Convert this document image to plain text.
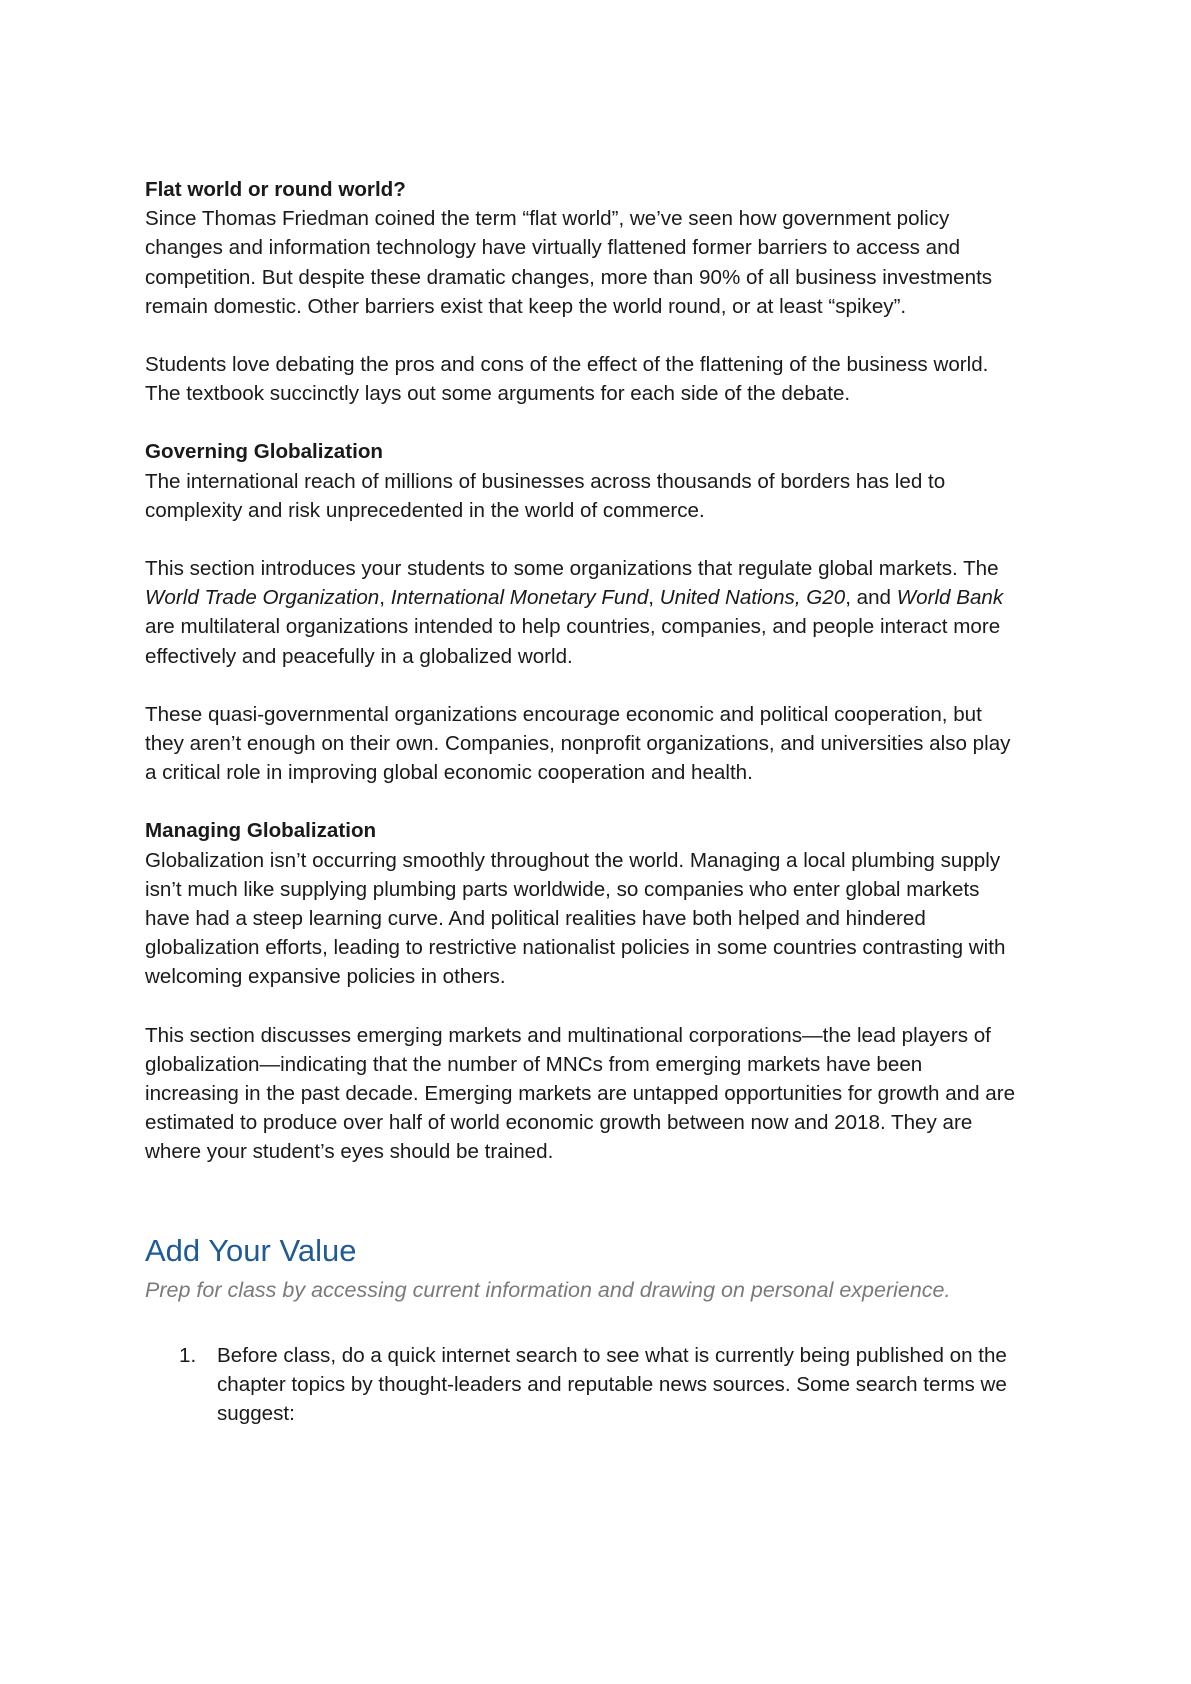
Flat world or round world?

Since Thomas Friedman coined the term “flat world”, we’ve seen how government policy
changes and information technology have virtually flattened former barriers to access and
competition. But despite these dramatic changes, more than 90% of all business investments
remain domestic. Other barriers exist that keep the world round, or at least “spikey”.

Students love debating the pros and cons of the effect of the flattening of the business world.
The textbook succinctly lays out some arguments for each side of the debate.

Governing Globalization

The international reach of millions of businesses across thousands of borders has led to
complexity and risk unprecedented in the world of commerce.

This section introduces your students to some organizations that regulate global markets. The
World Trade Organization, International Monetary Fund, United Nations, G20, and World Bank
are multilateral organizations intended to help countries, companies, and people interact more
effectively and peacefully in a globalized world.

These quasi-governmental organizations encourage economic and political cooperation, but
they aren’t enough on their own. Companies, nonprofit organizations, and universities also play
a critical role in improving global economic cooperation and health.

Managing Globalization

Globalization isn’t occurring smoothly throughout the world. Managing a local plumbing supply
isn’t much like supplying plumbing parts worldwide, so companies who enter global markets
have had a steep learning curve. And political realities have both helped and hindered
globalization efforts, leading to restrictive nationalist policies in some countries contrasting with
welcoming expansive policies in others.

This section discusses emerging markets and multinational corporations—the lead players of
globalization—indicating that the number of MNCs from emerging markets have been
increasing in the past decade. Emerging markets are untapped opportunities for growth and are
estimated to produce over half of world economic growth between now and 2018. They are
where your student’s eyes should be trained.

Add Your Value

Prep for class by accessing current information and drawing on personal experience.

1. Before class, do a quick internet search to see what is currently being published on the
chapter topics by thought-leaders and reputable news sources. Some search terms we
suggest:
